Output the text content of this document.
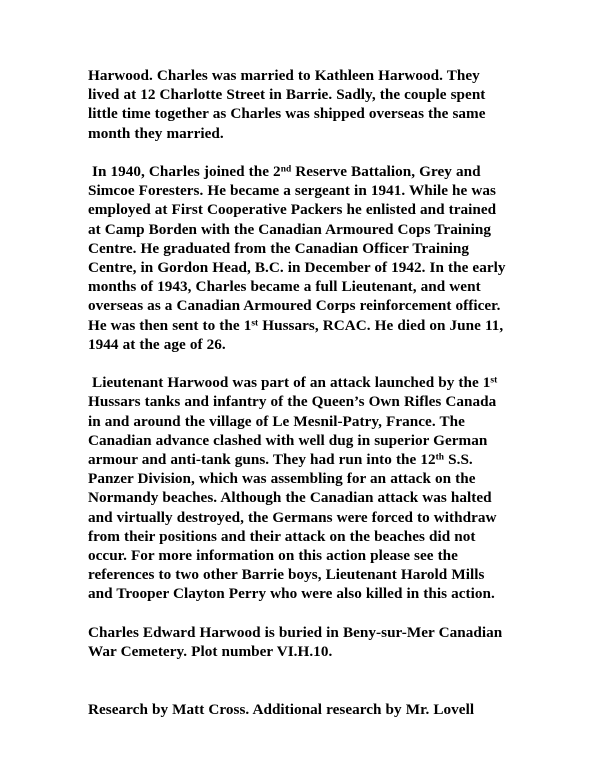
Harwood. Charles was married to Kathleen Harwood. They lived at 12 Charlotte Street in Barrie. Sadly, the couple spent little time together as Charles was shipped overseas the same month they married.

In 1940, Charles joined the 2nd Reserve Battalion, Grey and Simcoe Foresters. He became a sergeant in 1941. While he was employed at First Cooperative Packers he enlisted and trained at Camp Borden with the Canadian Armoured Cops Training Centre. He graduated from the Canadian Officer Training Centre, in Gordon Head, B.C. in December of 1942. In the early months of 1943, Charles became a full Lieutenant, and went overseas as a Canadian Armoured Corps reinforcement officer. He was then sent to the 1st Hussars, RCAC. He died on June 11, 1944 at the age of 26.

Lieutenant Harwood was part of an attack launched by the 1st Hussars tanks and infantry of the Queen’s Own Rifles Canada in and around the village of Le Mesnil-Patry, France. The Canadian advance clashed with well dug in superior German armour and anti-tank guns. They had run into the 12th S.S. Panzer Division, which was assembling for an attack on the Normandy beaches. Although the Canadian attack was halted and virtually destroyed, the Germans were forced to withdraw from their positions and their attack on the beaches did not occur. For more information on this action please see the references to two other Barrie boys, Lieutenant Harold Mills and Trooper Clayton Perry who were also killed in this action.

Charles Edward Harwood is buried in Beny-sur-Mer Canadian War Cemetery. Plot number VI.H.10.

Research by Matt Cross. Additional research by Mr. Lovell
